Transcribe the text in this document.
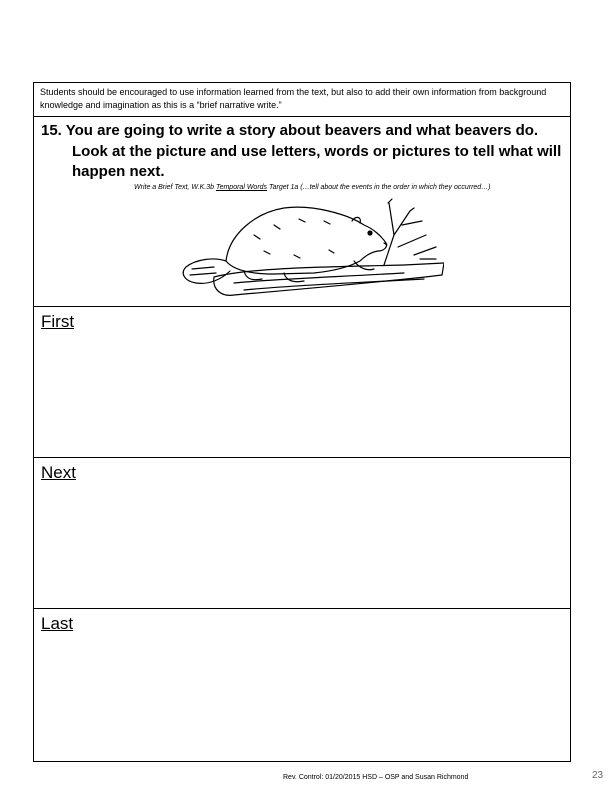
Students should be encouraged to use information learned from the text, but also to add their own information from background knowledge and imagination as this is a “brief narrative write.”
15. You are going to write a story about beavers and what beavers do. Look at the picture and use letters, words or pictures to tell what will happen next.
Write a Brief Text, W.K.3b Temporal Words Target 1a (…tell about the events in the order in which they occurred…)
First
Next
Last
Rev. Control: 01/20/2015 HSD – OSP and Susan Richmond	23
